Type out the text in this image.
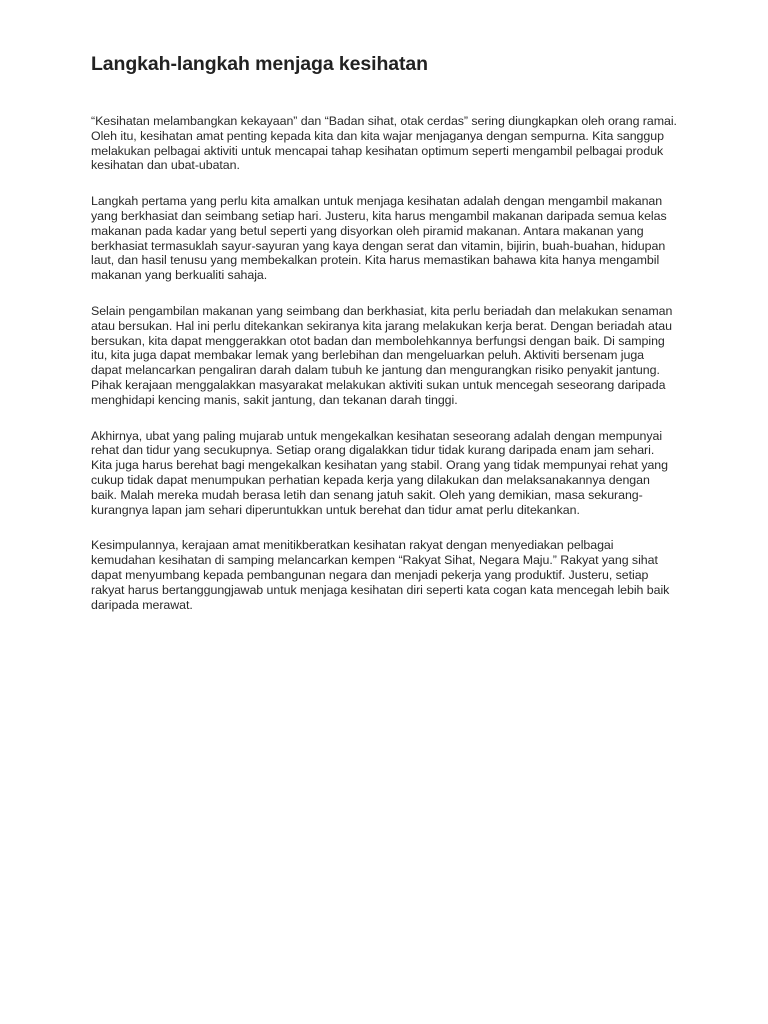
Langkah-langkah menjaga kesihatan

“Kesihatan melambangkan kekayaan” dan “Badan sihat, otak cerdas” sering diungkapkan oleh orang ramai. Oleh itu, kesihatan amat penting kepada kita dan kita wajar menjaganya dengan sempurna. Kita sanggup melakukan pelbagai aktiviti untuk mencapai tahap kesihatan optimum seperti mengambil pelbagai produk kesihatan dan ubat-ubatan.

Langkah pertama yang perlu kita amalkan untuk menjaga kesihatan adalah dengan mengambil makanan yang berkhasiat dan seimbang setiap hari. Justeru, kita harus mengambil makanan daripada semua kelas makanan pada kadar yang betul seperti yang disyorkan oleh piramid makanan. Antara makanan yang berkhasiat termasuklah sayur-sayuran yang kaya dengan serat dan vitamin, bijirin, buah-buahan, hidupan laut, dan hasil tenusu yang membekalkan protein. Kita harus memastikan bahawa kita hanya mengambil makanan yang berkualiti sahaja.

Selain pengambilan makanan yang seimbang dan berkhasiat, kita perlu beriadah dan melakukan senaman atau bersukan. Hal ini perlu ditekankan sekiranya kita jarang melakukan kerja berat. Dengan beriadah atau bersukan, kita dapat menggerakkan otot badan dan membolehkannya berfungsi dengan baik. Di samping itu, kita juga dapat membakar lemak yang berlebihan dan mengeluarkan peluh. Aktiviti bersenam juga dapat melancarkan pengaliran darah dalam tubuh ke jantung dan mengurangkan risiko penyakit jantung. Pihak kerajaan menggalakkan masyarakat melakukan aktiviti sukan untuk mencegah seseorang daripada menghidapi kencing manis, sakit jantung, dan tekanan darah tinggi.

Akhirnya, ubat yang paling mujarab untuk mengekalkan kesihatan seseorang adalah dengan mempunyai rehat dan tidur yang secukupnya. Setiap orang digalakkan tidur tidak kurang daripada enam jam sehari. Kita juga harus berehat bagi mengekalkan kesihatan yang stabil. Orang yang tidak mempunyai rehat yang cukup tidak dapat menumpukan perhatian kepada kerja yang dilakukan dan melaksanakannya dengan baik. Malah mereka mudah berasa letih dan senang jatuh sakit. Oleh yang demikian, masa sekurang-kurangnya lapan jam sehari diperuntukkan untuk berehat dan tidur amat perlu ditekankan.

Kesimpulannya, kerajaan amat menitikberatkan kesihatan rakyat dengan menyediakan pelbagai kemudahan kesihatan di samping melancarkan kempen “Rakyat Sihat, Negara Maju.” Rakyat yang sihat dapat menyumbang kepada pembangunan negara dan menjadi pekerja yang produktif. Justeru, setiap rakyat harus bertanggungjawab untuk menjaga kesihatan diri seperti kata cogan kata mencegah lebih baik daripada merawat.
